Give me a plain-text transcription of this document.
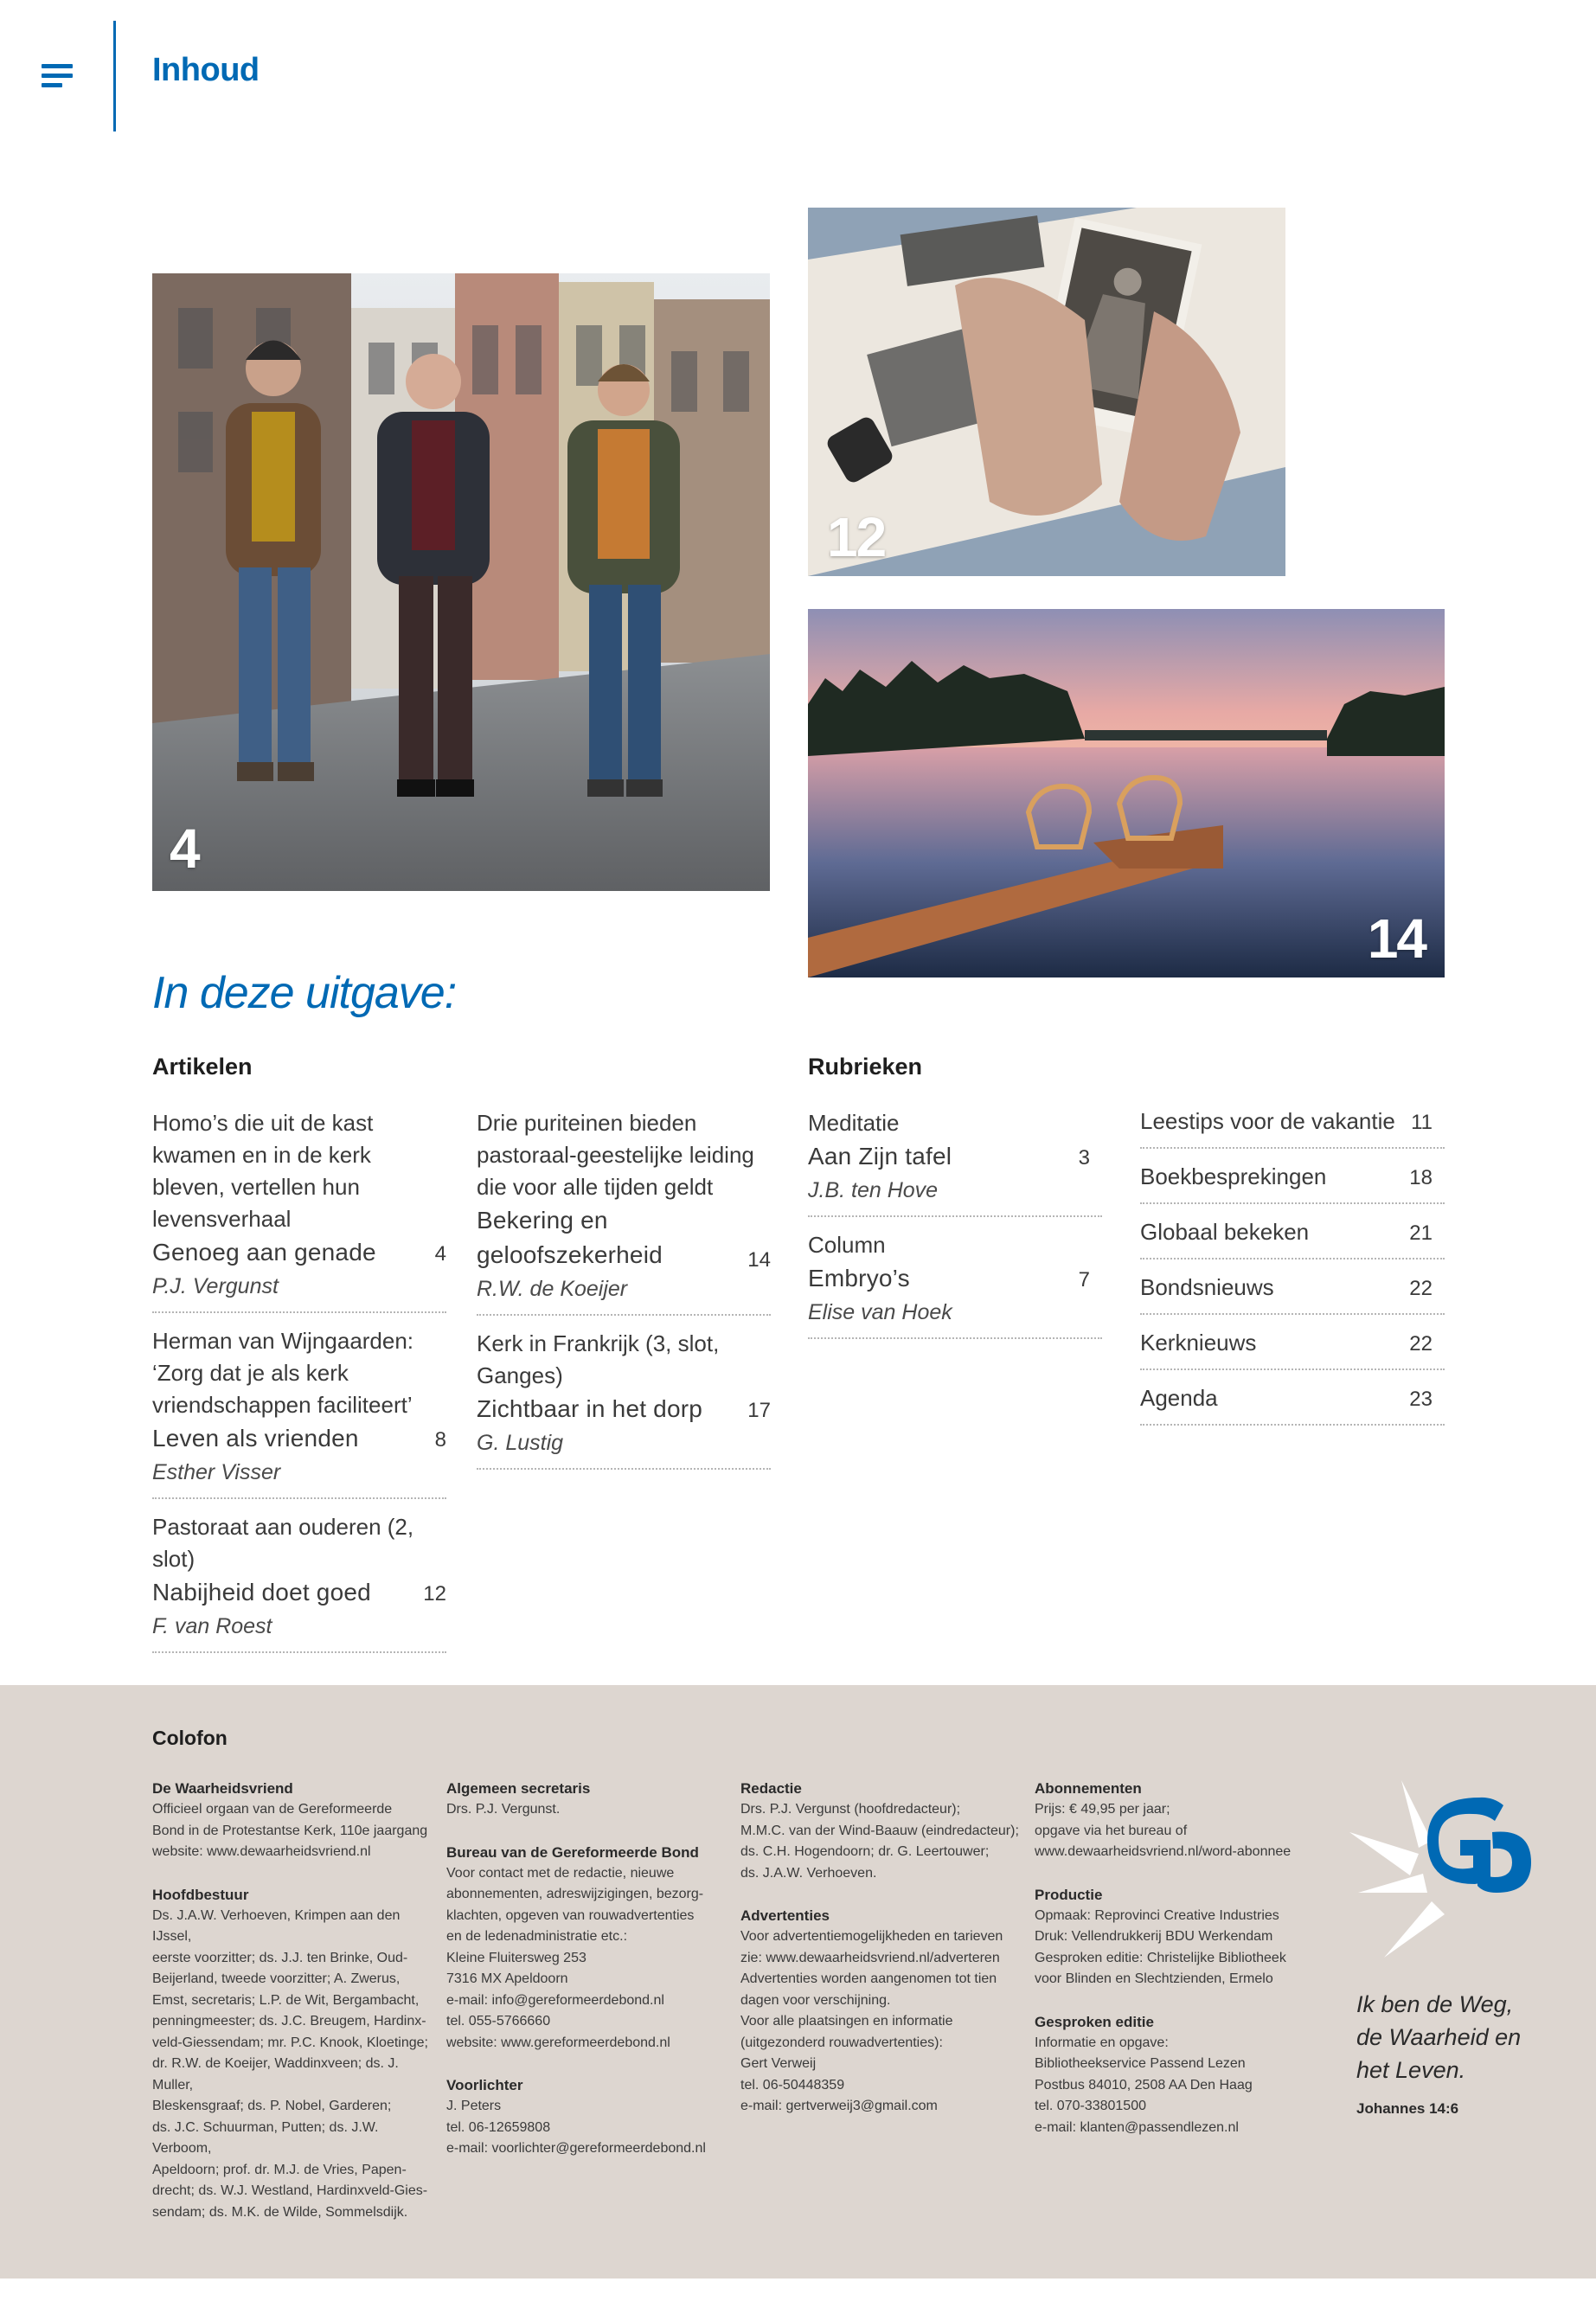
Inhoud
4
12
14
In deze uitgave:
Artikelen	Rubrieken
Homo’s die uit de kast kwamen en in de kerk bleven, vertellen hun levensverhaal
Genoeg aan genade	4
P.J. Vergunst
Herman van Wijngaarden: ‘Zorg dat je als kerk vriendschappen faciliteert’
Leven als vrienden	8
Esther Visser
Pastoraat aan ouderen (2, slot)
Nabijheid doet goed	12
F. van Roest
Drie puriteinen bieden pastoraal-geestelijke leiding die voor alle tijden geldt
Bekering en geloofszekerheid	14
R.W. de Koeijer
Kerk in Frankrijk (3, slot, Ganges)
Zichtbaar in het dorp	17
G. Lustig
Meditatie
Aan Zijn tafel	3
J.B. ten Hove
Column
Embryo’s	7
Elise van Hoek
Leestips voor de vakantie 11
Boekbesprekingen	18
Globaal bekeken	21
Bondsnieuws	22
Kerknieuws	22
Agenda	23
Colofon
De Waarheidsvriend

Officieel orgaan van de Gereformeerde
Bond in de Protestantse Kerk, 110e jaargang
website: www.dewaarheidsvriend.nl

Hoofdbestuur

Ds. J.A.W. Verhoeven, Krimpen aan den IJssel,
eerste voorzitter; ds. J.J. ten Brinke, Oud-
Beijerland, tweede voorzitter; A. Zwerus,
Emst, secretaris; L.P. de Wit, Bergambacht,
penningmeester; ds. J.C. Breugem, Hardinx-
veld-Giessendam; mr. P.C. Knook, Kloetinge;
dr. R.W. de Koeijer, Waddinxveen; ds. J. Muller,
Bleskensgraaf; ds. P. Nobel, Garderen;
ds. J.C. Schuurman, Putten; ds. J.W. Verboom,
Apeldoorn; prof. dr. M.J. de Vries, Papen-
drecht; ds. W.J. Westland, Hardinxveld-Gies-
sendam; ds. M.K. de Wilde, Sommelsdijk.

Algemeen secretaris

Drs. P.J. Vergunst.

Bureau van de Gereformeerde Bond

Voor contact met de redactie, nieuwe
abonnementen, adreswijzigingen, bezorg-
klachten, opgeven van rouwadvertenties
en de ledenadministratie etc.:
Kleine Fluitersweg 253
7316 MX Apeldoorn
e-mail: info@gereformeerdebond.nl
tel. 055-5766660
website: www.gereformeerdebond.nl

Voorlichter

J. Peters
tel. 06-12659808
e-mail: voorlichter@gereformeerdebond.nl

Redactie

Drs. P.J. Vergunst (hoofdredacteur);
M.M.C. van der Wind-Baauw (eindredacteur);
ds. C.H. Hogendoorn; dr. G. Leertouwer;
ds. J.A.W. Verhoeven.

Advertenties

Voor advertentiemogelijkheden en tarieven
zie: www.dewaarheidsvriend.nl/adverteren
Advertenties worden aangenomen tot tien
dagen voor verschijning.
Voor alle plaatsingen en informatie
(uitgezonderd rouwadvertenties):
Gert Verweij
tel. 06-50448359
e-mail: gertverweij3@gmail.com

Abonnementen

Prijs: € 49,95 per jaar;
opgave via het bureau of
www.dewaarheidsvriend.nl/word-abonnee

Productie

Opmaak: Reprovinci Creative Industries
Druk: Vellendrukkerij BDU Werkendam
Gesproken editie: Christelijke Bibliotheek
voor Blinden en Slechtzienden, Ermelo

Gesproken editie

Informatie en opgave:
Bibliotheekservice Passend Lezen
Postbus 84010, 2508 AA Den Haag
tel. 070-33801500
e-mail: klanten@passendlezen.nl

Ik ben de Weg,
de Waarheid en
het Leven.
Johannes 14:6
